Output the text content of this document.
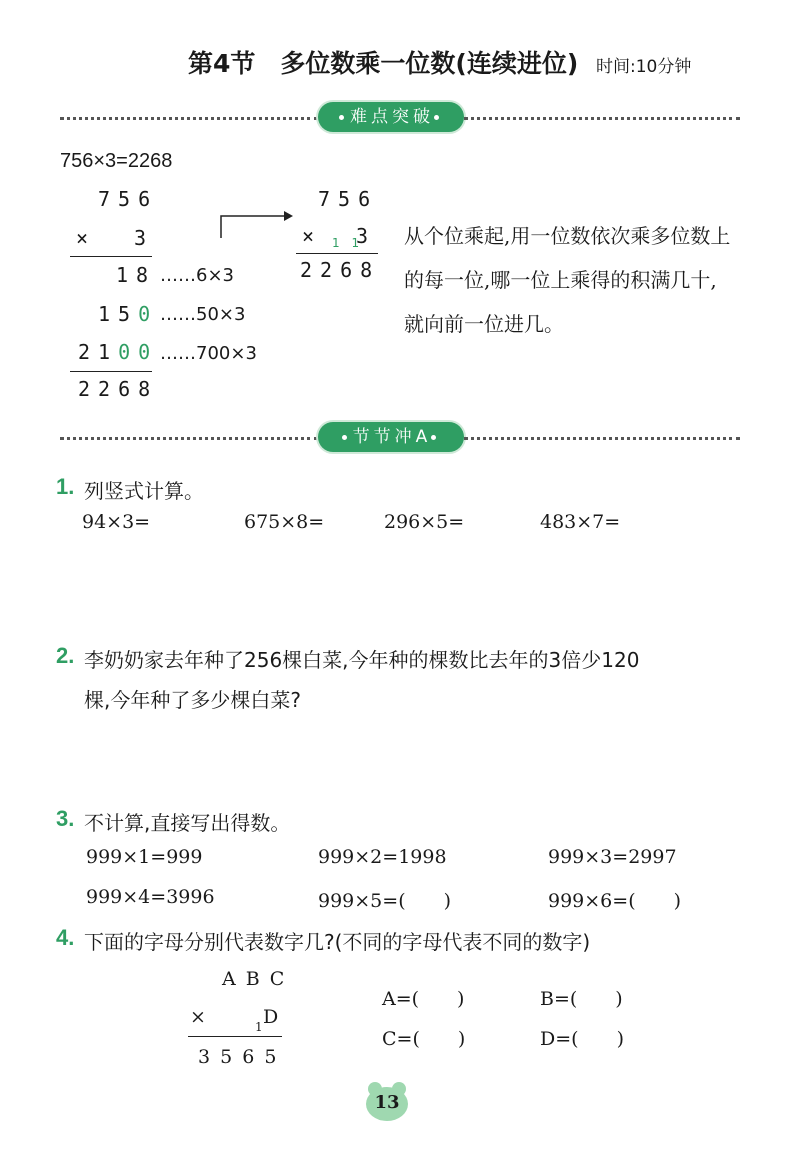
第4节　多位数乘一位数(连续进位) 时间:10分钟
难点突破
756×3=2268
756
× 3
18 ……6×3
150 ……50×3
2100 ……700×3
2268
756
× 1 1
3
2268
从个位乘起,用一位数依次乘多位数上的每一位,哪一位上乘得的积满几十,就向前一位进几。
节节冲A
1. 列竖式计算。
94×3=	675×8=	296×5=	483×7=
2. 李奶奶家去年种了256棵白菜,今年种的棵数比去年的3倍少120
棵,今年种了多少棵白菜?
3. 不计算,直接写出得数。
999×1=999	999×2=1998	999×3=2997
999×4=3996	999×5=(　　)	999×6=(　　)
4. 下面的字母分别代表数字几?(不同的字母代表不同的数字)
A B C
×	1 D
3 5 6 5
A=(　　)	B=(　　)
C=(　　)	D=(　　)
13
